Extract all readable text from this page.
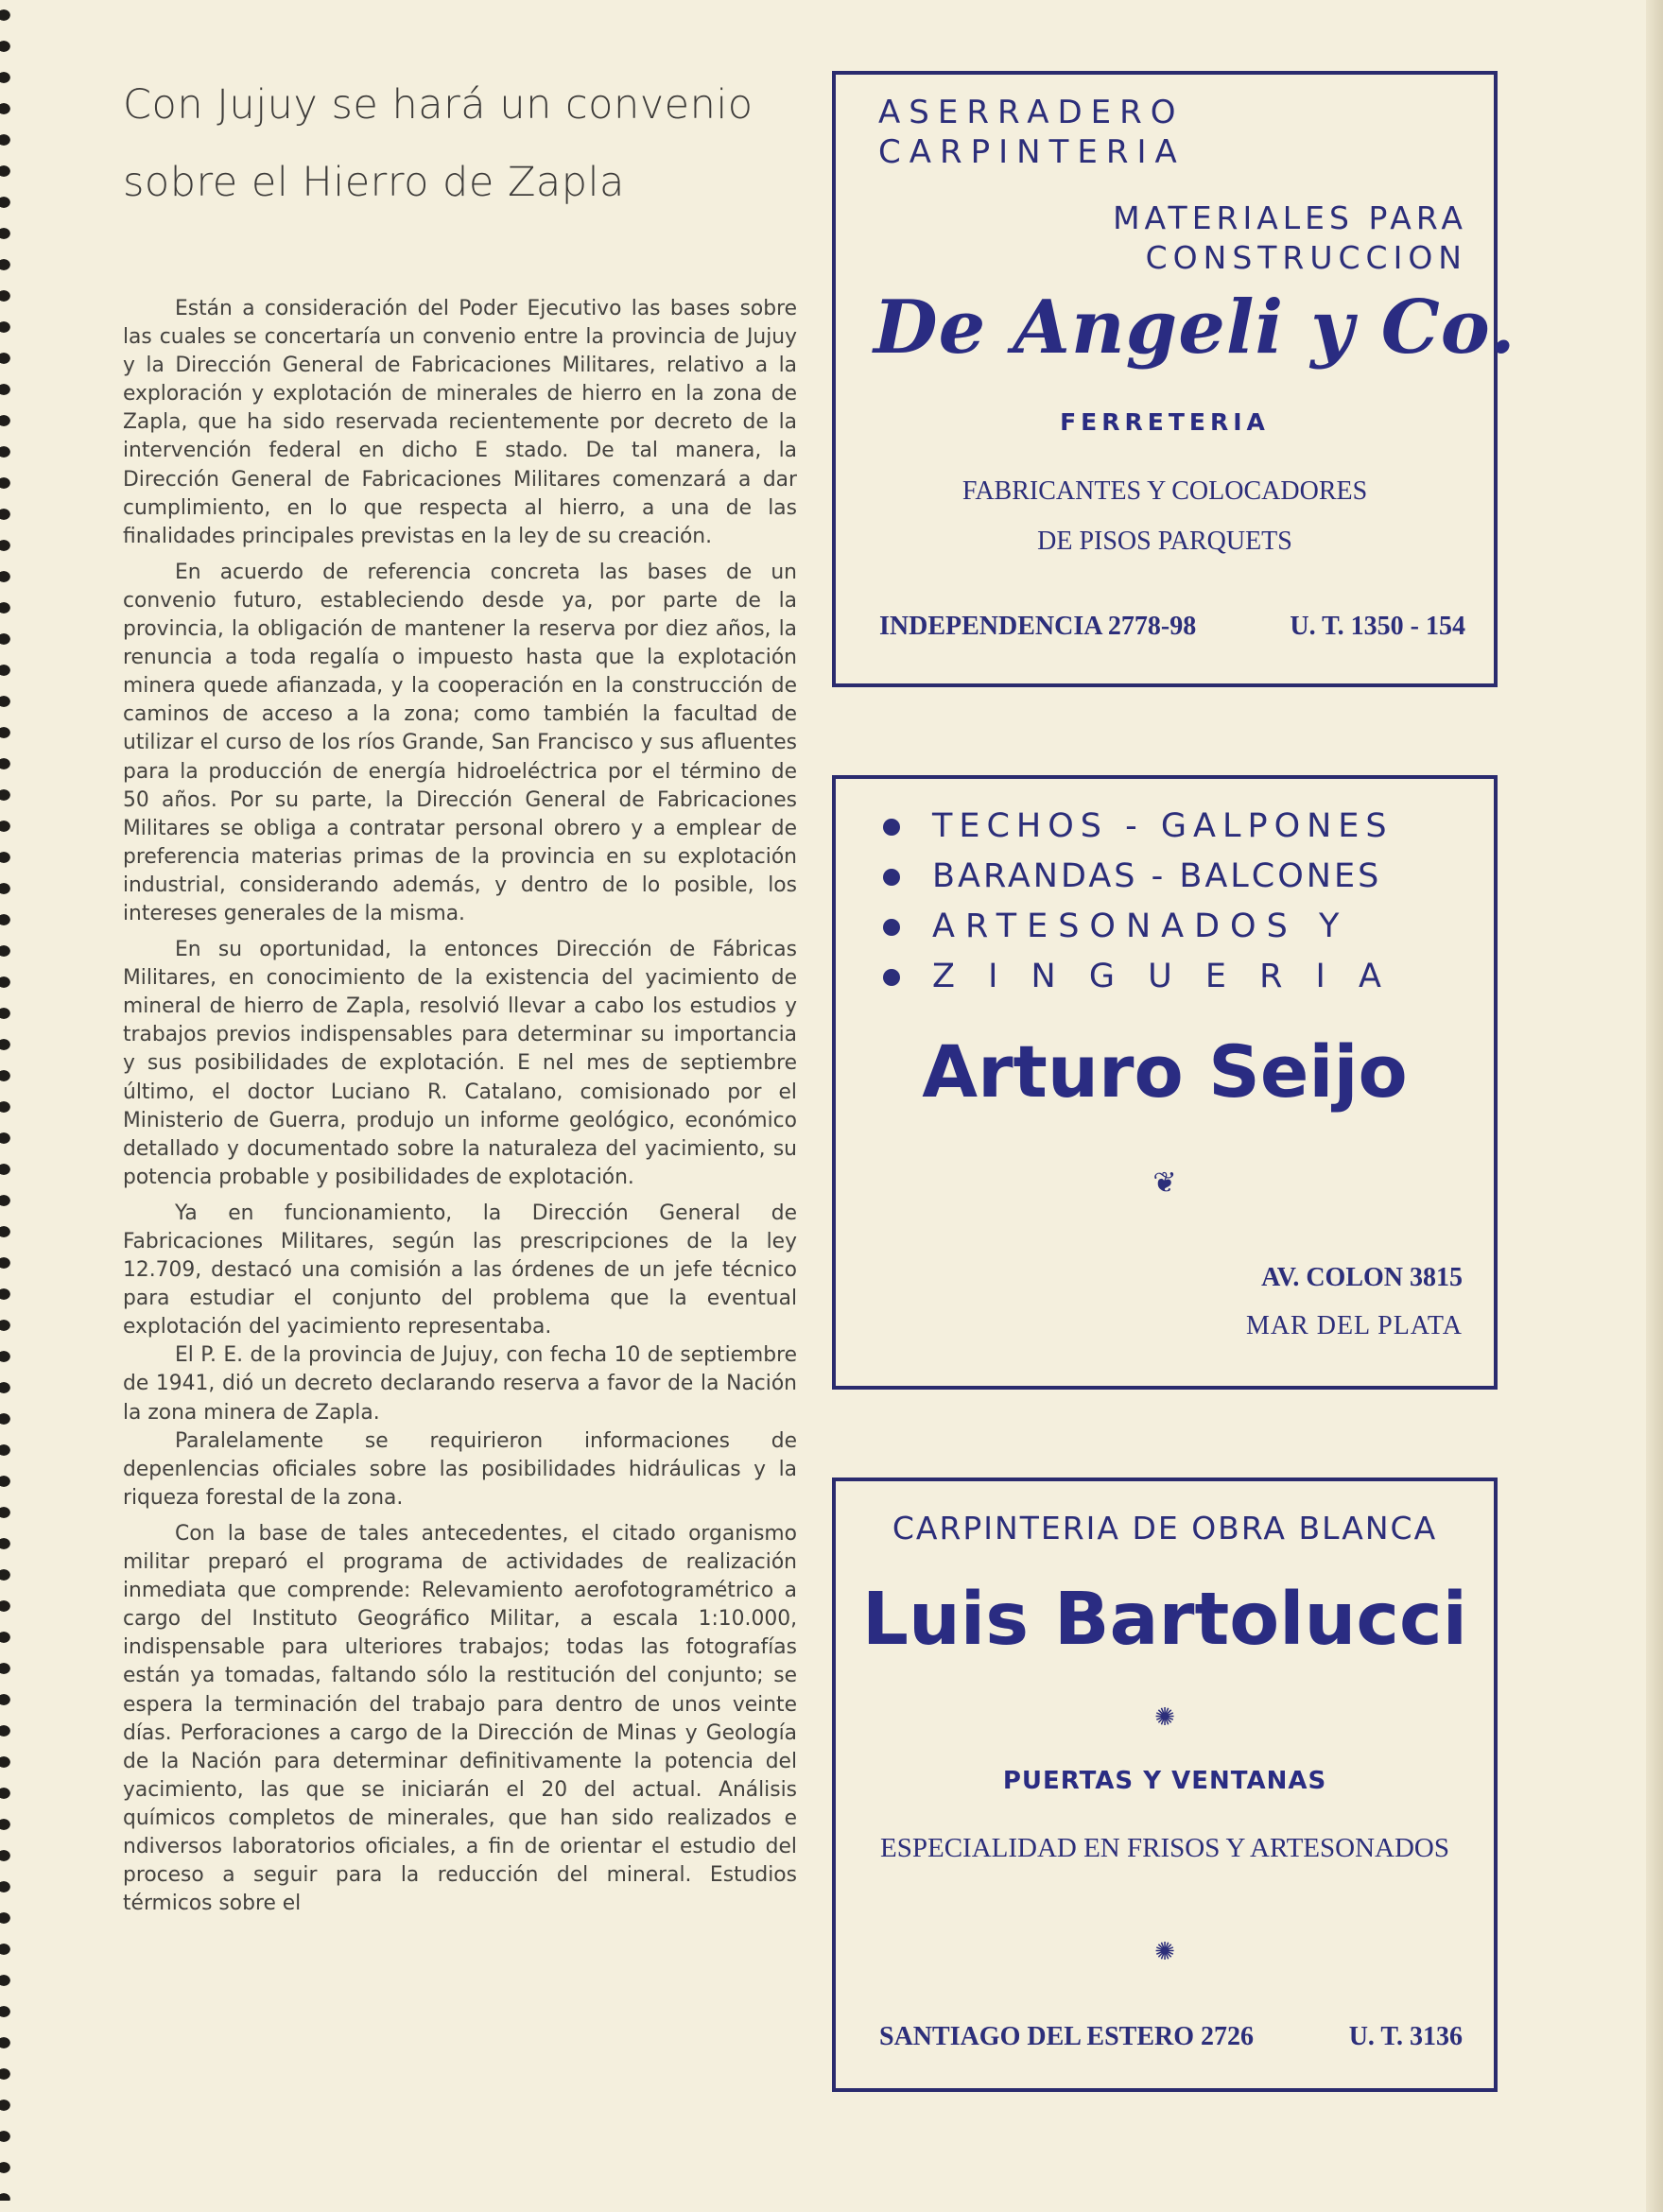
Con Jujuy se hará un convenio
sobre el Hierro de Zapla

Están a consideración del Poder Ejecutivo las bases sobre las cuales se concertaría un convenio entre la provincia de Jujuy y la Dirección General de Fabricaciones Militares, relativo a la exploración y explotación de minerales de hierro en la zona de Zapla, que ha sido reservada recientemente por decreto de la intervención federal en dicho E stado. De tal manera, la Dirección General de Fabricaciones Militares comenzará a dar cumplimiento, en lo que respecta al hierro, a una de las finalidades principales previstas en la ley de su creación.

En acuerdo de referencia concreta las bases de un convenio futuro, estableciendo desde ya, por parte de la provincia, la obligación de mantener la reserva por diez años, la renuncia a toda regalía o impuesto hasta que la explotación minera quede afianzada, y la cooperación en la construcción de caminos de acceso a la zona; como también la facultad de utilizar el curso de los ríos Grande, San Francisco y sus afluentes para la producción de energía hidroeléctrica por el término de 50 años. Por su parte, la Dirección General de Fabricaciones Militares se obliga a contratar personal obrero y a emplear de preferencia materias primas de la provincia en su explotación industrial, considerando además, y dentro de lo posible, los intereses generales de la misma.

En su oportunidad, la entonces Dirección de Fábricas Militares, en conocimiento de la existencia del yacimiento de mineral de hierro de Zapla, resolvió llevar a cabo los estudios y trabajos previos indispensables para determinar su importancia y sus posibilidades de explotación. E nel mes de septiembre último, el doctor Luciano R. Catalano, comisionado por el Ministerio de Guerra, produjo un informe geológico, económico detallado y documentado sobre la naturaleza del yacimiento, su potencia probable y posibilidades de explotación.

Ya en funcionamiento, la Dirección General de Fabricaciones Militares, según las prescripciones de la ley 12.709, destacó una comisión a las órdenes de un jefe técnico para estudiar el conjunto del problema que la eventual explotación del yacimiento representaba.

El P. E. de la provincia de Jujuy, con fecha 10 de septiembre de 1941, dió un decreto declarando reserva a favor de la Nación la zona minera de Zapla.

Paralelamente se requirieron informaciones de depenlencias oficiales sobre las posibilidades hidráulicas y la riqueza forestal de la zona.

Con la base de tales antecedentes, el citado organismo militar preparó el programa de actividades de realización inmediata que comprende: Relevamiento aerofotogramétrico a cargo del Instituto Geográfico Militar, a escala 1:10.000, indispensable para ulteriores trabajos; todas las fotografías están ya tomadas, faltando sólo la restitución del conjunto; se espera la terminación del trabajo para dentro de unos veinte días. Perforaciones a cargo de la Dirección de Minas y Geología de la Nación para determinar definitivamente la potencia del yacimiento, las que se iniciarán el 20 del actual. Análisis químicos completos de minerales, que han sido realizados e ndiversos laboratorios oficiales, a fin de orientar el estudio del proceso a seguir para la reducción del mineral. Estudios térmicos sobre el

ASERRADERO
CARPINTERIA
MATERIALES PARA
CONSTRUCCION
De Angeli y Co.
FERRETERIA
FABRICANTES Y COLOCADORES
DE PISOS PARQUETS
INDEPENDENCIA 2778-98	U. T. 1350 - 154
TECHOS - GALPONES
BARANDAS - BALCONES
ARTESONADOS Y
Z I N G U E R I A
Arturo Seijo
❦
AV. COLON 3815
MAR DEL PLATA
CARPINTERIA DE OBRA BLANCA
Luis Bartolucci
✺
PUERTAS Y VENTANAS
ESPECIALIDAD EN FRISOS Y ARTESONADOS
✺
SANTIAGO DEL ESTERO 2726	U. T. 3136
